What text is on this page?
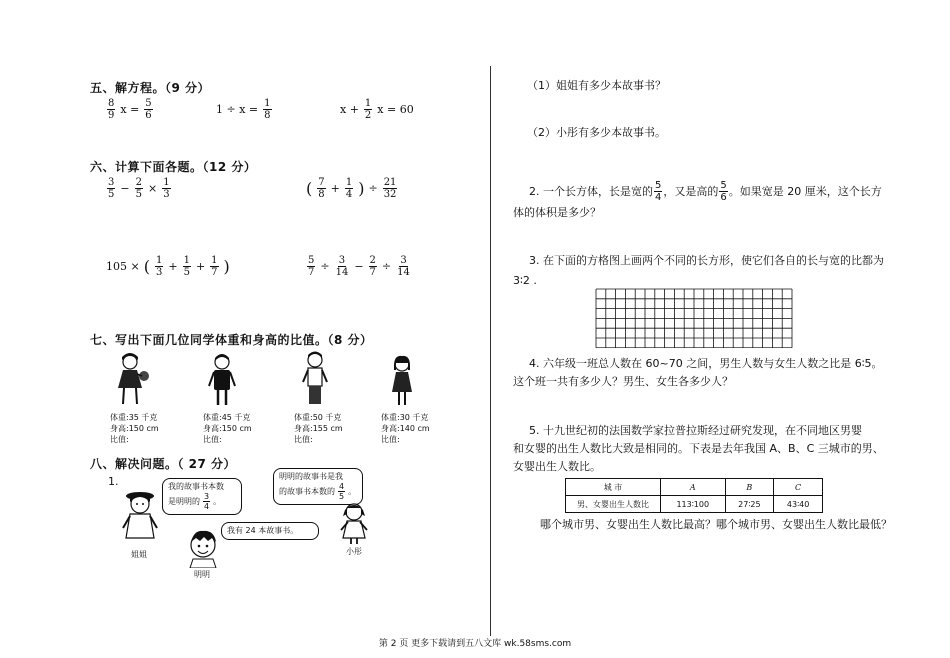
五、解方程。（9 分）
$\frac{8}{9}$ $x = \frac{5}{6}$	$1 \div x = \frac{1}{8}$	$x + \frac{1}{2}$ x = 60
六、计算下面各题。（12 分）
$\frac{3}{5} - \frac{2}{5} \times \frac{1}{3}$	( $\frac{7}{8} + \frac{1}{4}$ ) ÷ $\frac{21}{32}$
105 × ( $\frac{1}{3} + \frac{1}{5} + \frac{1}{7}$ )	$\frac{5}{7} \div \frac{3}{14} - \frac{2}{7} \div \frac{3}{14}$
七、写出下面几位同学体重和身高的比值。（8 分）
体重:35 千克
身高:150 cm
比值:
体重:45 千克
身高:150 cm
比值:
体重:50 千克
身高:155 cm
比值:
体重:30 千克
身高:140 cm
比值:
八、解决问题。（ 27 分）
1.
姐姐
我的故事书本数
是明明的 $\frac{3}{4}$ 。
明明
我有 24 本故事书。
明明的故事书是我
的故事书本数的 $\frac{4}{5}$ 。
小彤
（1）姐姐有多少本故事书？
（2）小彤有多少本故事书。
2. 一个长方体，长是宽的 $\frac{5}{4}$ ，又是高的 $\frac{5}{6}$ 。如果宽是 20 厘米，这个长方
体的体积是多少？
3. 在下面的方格图上画两个不同的长方形，使它们各自的长与宽的比都为
3∶2 .
4. 六年级一班总人数在 60~70 之间，男生人数与女生人数之比是 6∶5。
这个班一共有多少人？男生、女生各多少人？
5. 十九世纪初的法国数学家拉普拉斯经过研究发现，在不同地区男婴
和女婴的出生人数比大致是相同的。下表是去年我国 A、B、C 三城市的男、
女婴出生人数比。
城 市	A	B	C
男、女婴出生人数比	113∶100	27∶25	43∶40
哪个城市男、女婴出生人数比最高？哪个城市男、女婴出生人数比最低？
第 2 页 更多下载请到五八文库 wk.58sms.com
